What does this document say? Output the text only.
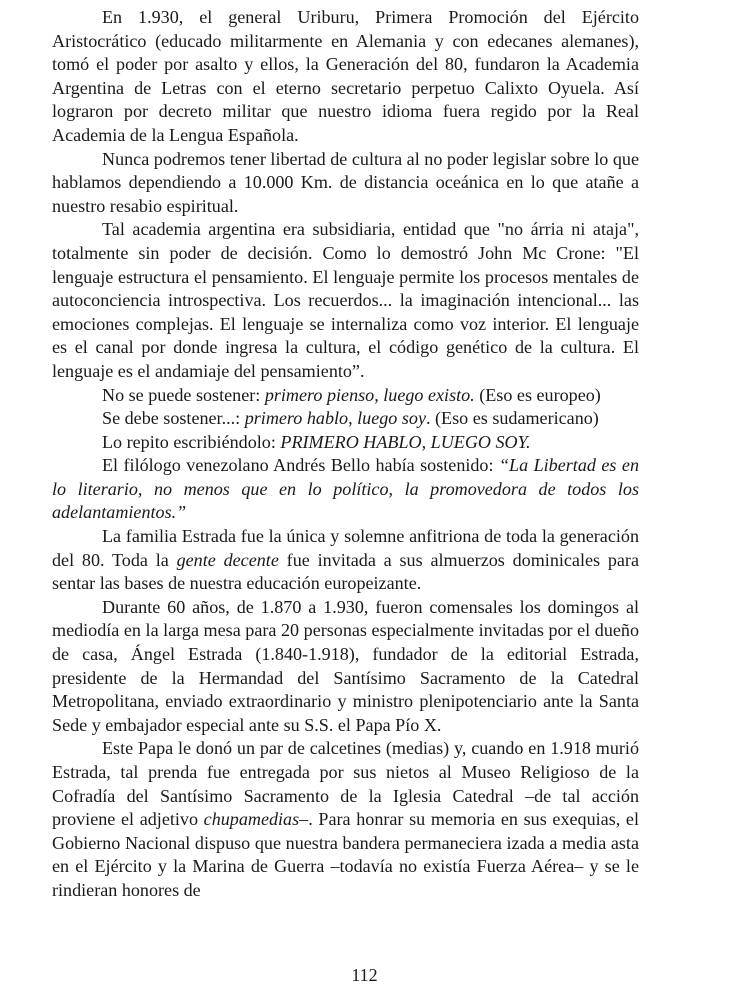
En 1.930, el general Uriburu, Primera Promoción del Ejército Aristocrático (educado militarmente en Alemania y con edecanes alemanes), tomó el poder por asalto y ellos, la Generación del 80, fundaron la Academia Argentina de Letras con el eterno secretario perpetuo Calixto Oyuela. Así lograron por decreto militar que nuestro idioma fuera regido por la Real Academia de la Lengua Española.

Nunca podremos tener libertad de cultura al no poder legislar sobre lo que hablamos dependiendo a 10.000 Km. de distancia oceánica en lo que atañe a nuestro resabio espiritual.

Tal academia argentina era subsidiaria, entidad que "no árria ni ataja", totalmente sin poder de decisión. Como lo demostró John Mc Crone: "El lenguaje estructura el pensamiento. El lenguaje permite los procesos mentales de autoconciencia introspectiva. Los recuerdos... la imaginación intencional... las emociones complejas. El lenguaje se internaliza como voz interior. El lenguaje es el canal por donde ingresa la cultura, el código genético de la cultura. El lenguaje es el andamiaje del pensamiento”.

No se puede sostener: primero pienso, luego existo. (Eso es europeo)

Se debe sostener...: primero hablo, luego soy. (Eso es sudamericano)

Lo repito escribiéndolo: PRIMERO HABLO, LUEGO SOY.

El filólogo venezolano Andrés Bello había sostenido: “La Libertad es en lo literario, no menos que en lo político, la promovedora de todos los adelantamientos.”

La familia Estrada fue la única y solemne anfitriona de toda la generación del 80. Toda la gente decente fue invitada a sus almuerzos dominicales para sentar las bases de nuestra educación europeizante.

Durante 60 años, de 1.870 a 1.930, fueron comensales los domingos al mediodía en la larga mesa para 20 personas especialmente invitadas por el dueño de casa, Ángel Estrada (1.840-1.918), fundador de la editorial Estrada, presidente de la Hermandad del Santísimo Sacramento de la Catedral Metropolitana, enviado extraordinario y ministro plenipotenciario ante la Santa Sede y embajador especial ante su S.S. el Papa Pío X.

Este Papa le donó un par de calcetines (medias) y, cuando en 1.918 murió Estrada, tal prenda fue entregada por sus nietos al Museo Religioso de la Cofradía del Santísimo Sacramento de la Iglesia Catedral –de tal acción proviene el adjetivo chupamedias–. Para honrar su memoria en sus exequias, el Gobierno Nacional dispuso que nuestra bandera permaneciera izada a media asta en el Ejército y la Marina de Guerra –todavía no existía Fuerza Aérea– y se le rindieran honores de

112
